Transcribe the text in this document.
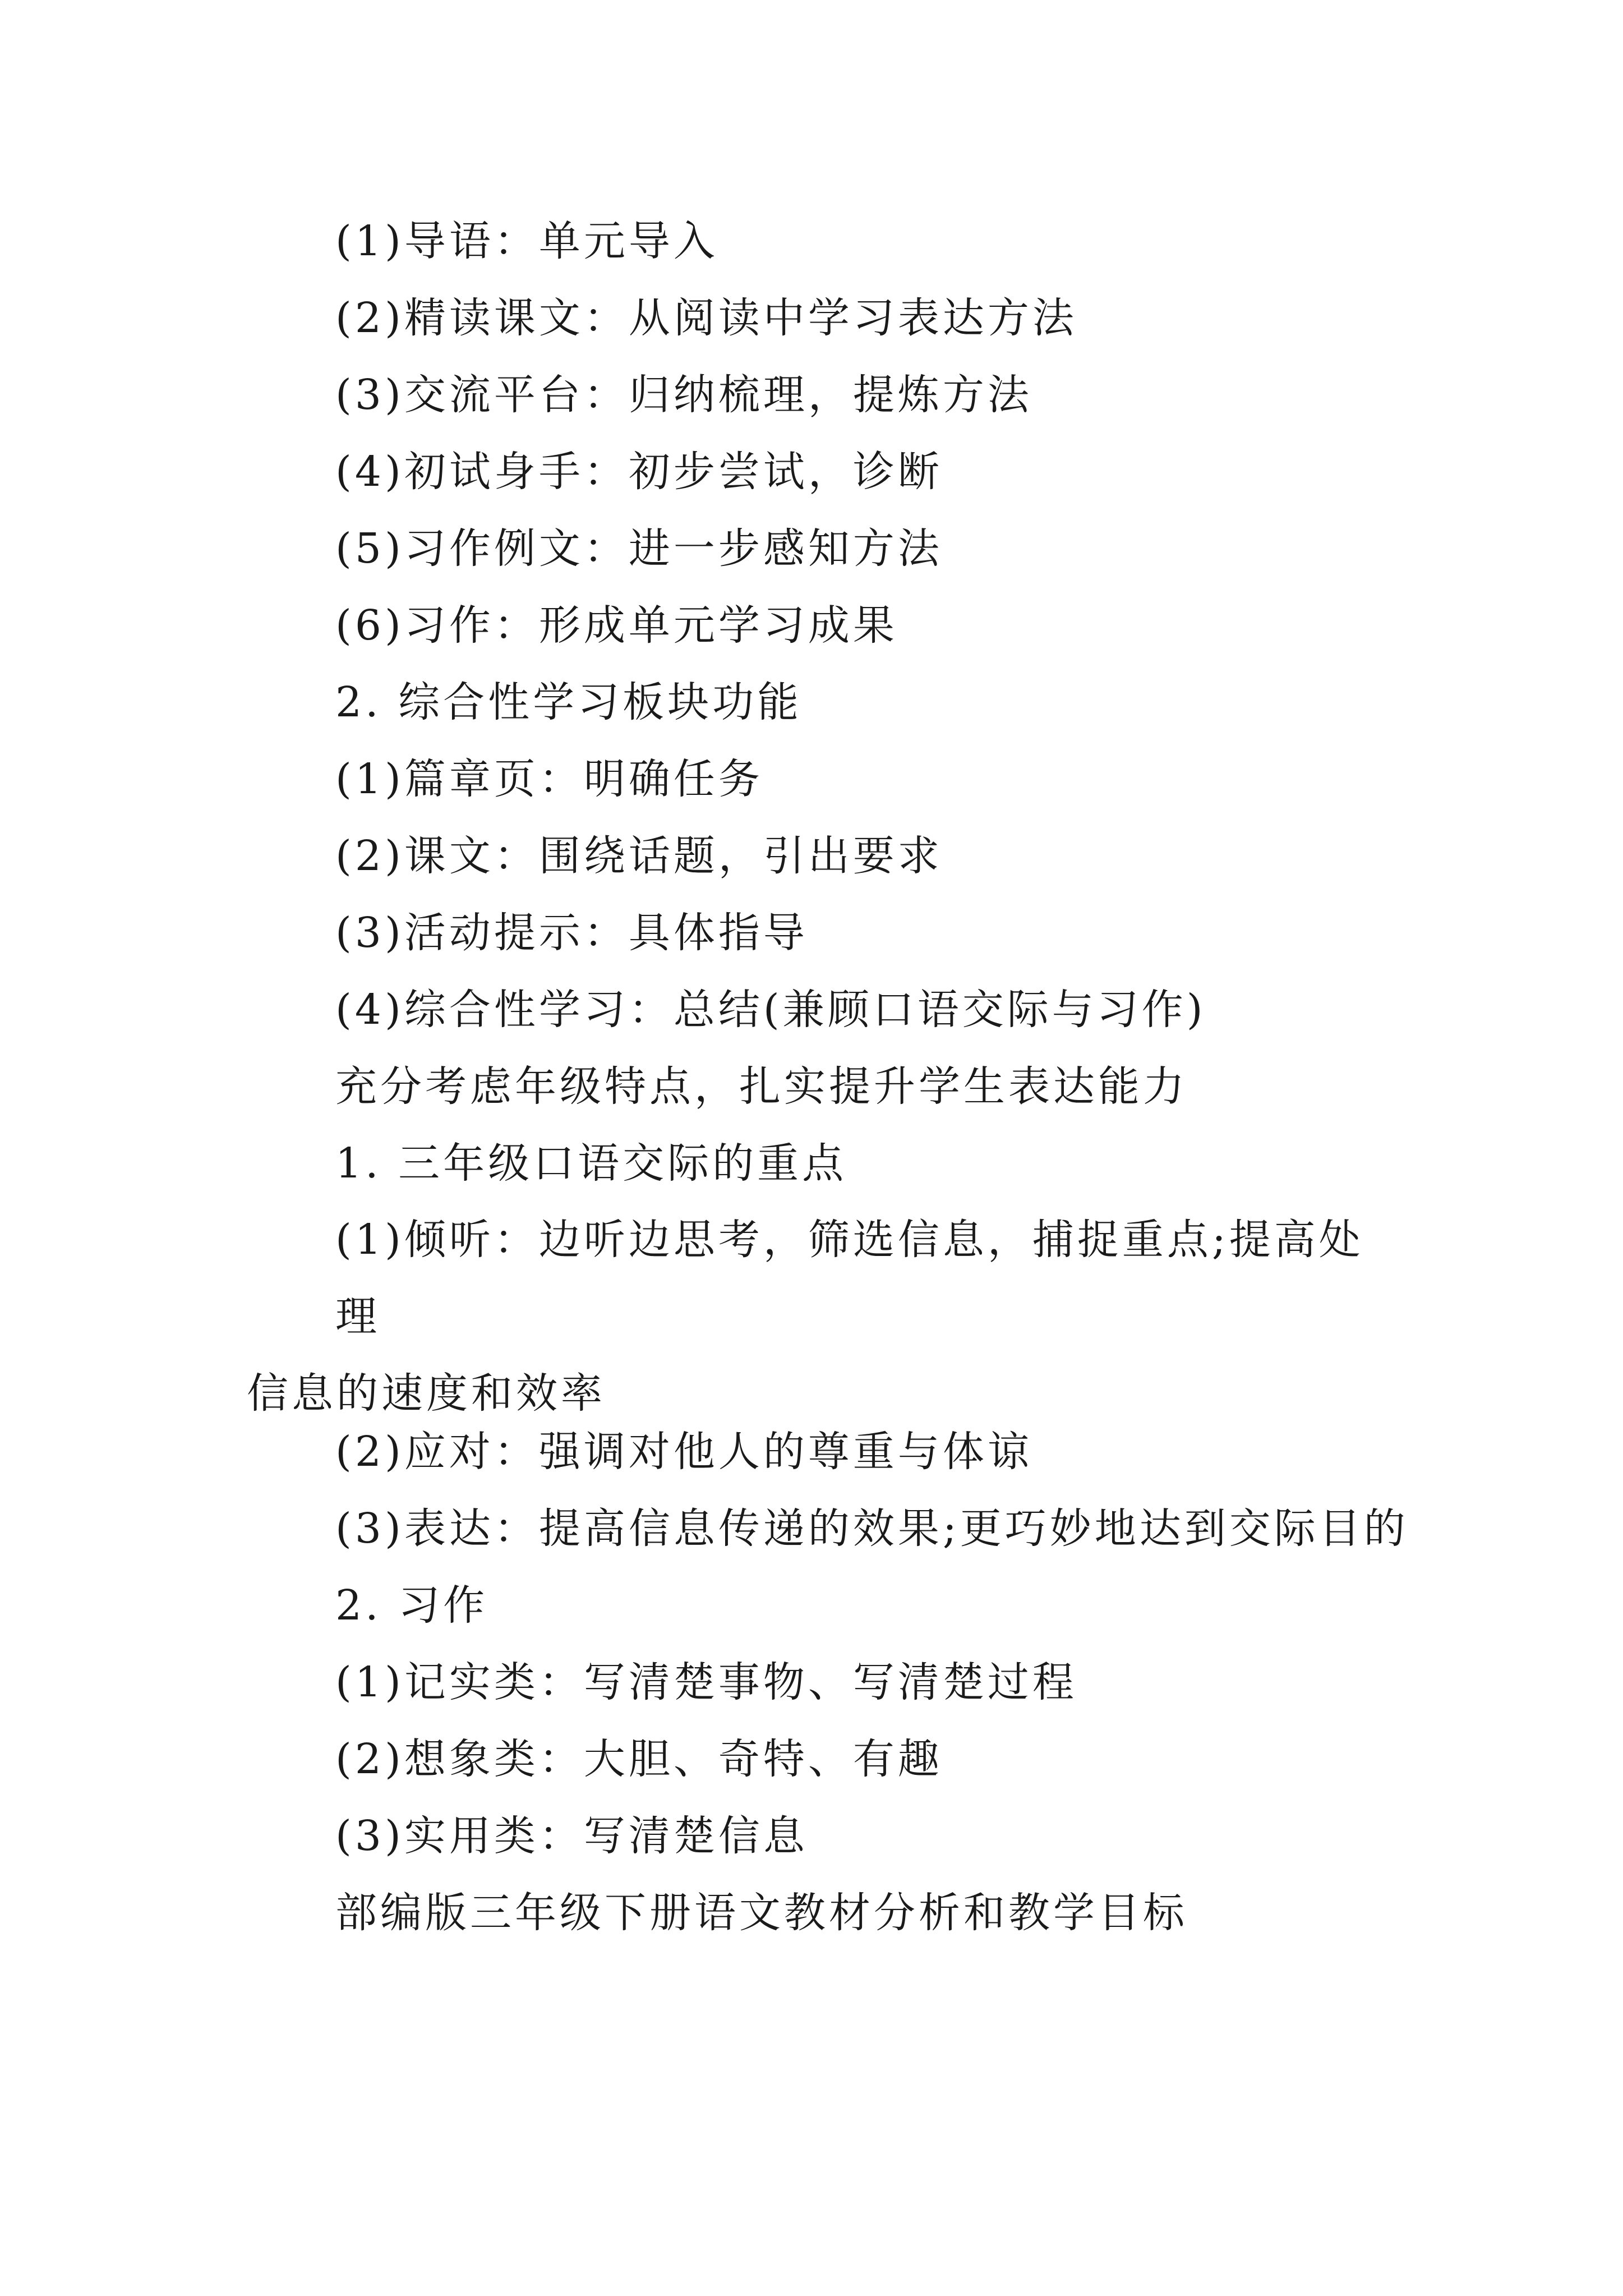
(1)导语：单元导入

(2)精读课文：从阅读中学习表达方法

(3)交流平台：归纳梳理，提炼方法

(4)初试身手：初步尝试，诊断

(5)习作例文：进一步感知方法

(6)习作：形成单元学习成果

2. 综合性学习板块功能

(1)篇章页：明确任务

(2)课文：围绕话题，引出要求

(3)活动提示：具体指导

(4)综合性学习：总结(兼顾口语交际与习作)

充分考虑年级特点，扎实提升学生表达能力

1. 三年级口语交际的重点

(1)倾听：边听边思考，筛选信息，捕捉重点;提高处理
信息的速度和效率

(2)应对：强调对他人的尊重与体谅

(3)表达：提高信息传递的效果;更巧妙地达到交际目的

2. 习作

(1)记实类：写清楚事物、写清楚过程

(2)想象类：大胆、奇特、有趣

(3)实用类：写清楚信息

部编版三年级下册语文教材分析和教学目标
